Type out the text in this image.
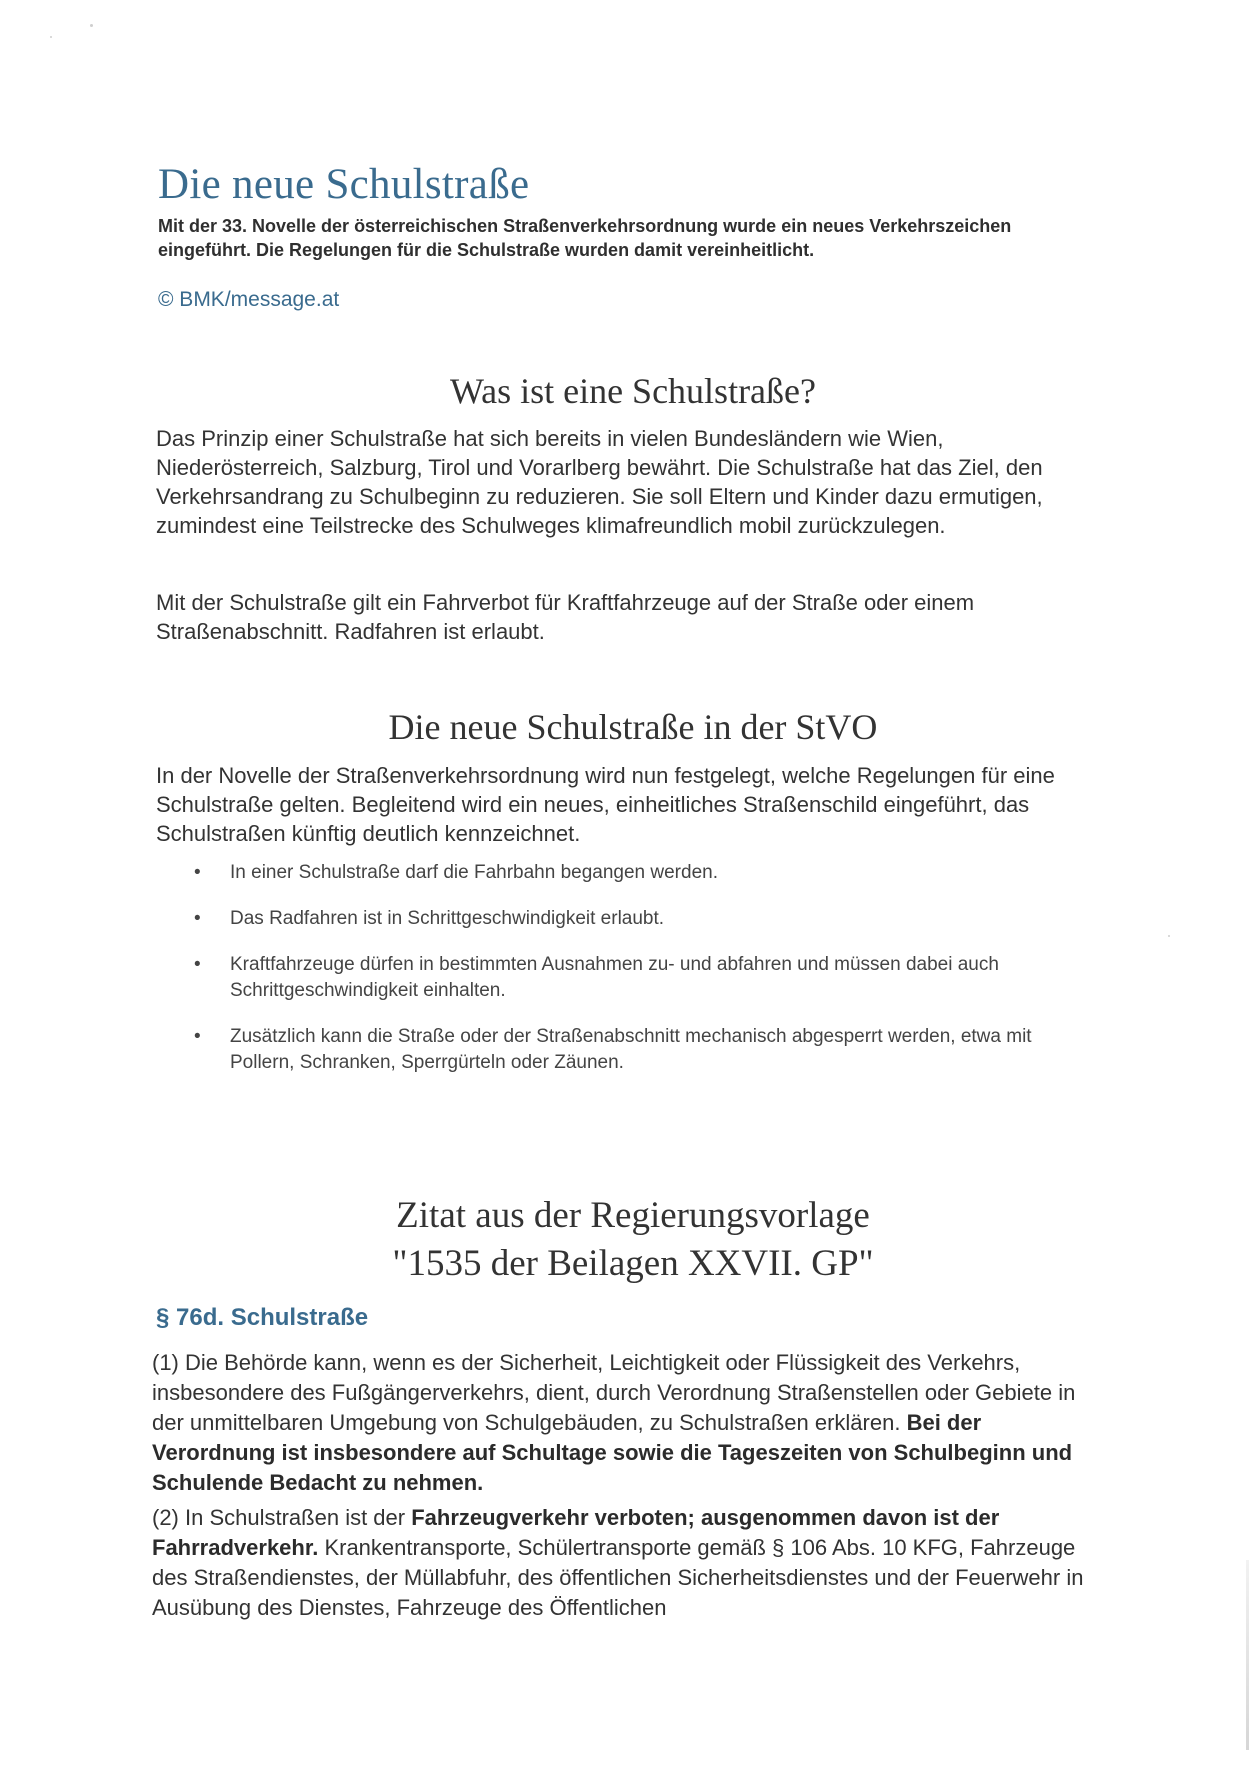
Die neue Schulstraße
Mit der 33. Novelle der österreichischen Straßenverkehrsordnung wurde ein neues Verkehrszeichen eingeführt. Die Regelungen für die Schulstraße wurden damit vereinheitlicht.
© BMK/message.at
Was ist eine Schulstraße?
Das Prinzip einer Schulstraße hat sich bereits in vielen Bundesländern wie Wien, Niederösterreich, Salzburg, Tirol und Vorarlberg bewährt. Die Schulstraße hat das Ziel, den Verkehrsandrang zu Schulbeginn zu reduzieren. Sie soll Eltern und Kinder dazu ermutigen, zumindest eine Teilstrecke des Schulweges klimafreundlich mobil zurückzulegen.
Mit der Schulstraße gilt ein Fahrverbot für Kraftfahrzeuge auf der Straße oder einem Straßenabschnitt. Radfahren ist erlaubt.
Die neue Schulstraße in der StVO
In der Novelle der Straßenverkehrsordnung wird nun festgelegt, welche Regelungen für eine Schulstraße gelten. Begleitend wird ein neues, einheitliches Straßenschild eingeführt, das Schulstraßen künftig deutlich kennzeichnet.
• In einer Schulstraße darf die Fahrbahn begangen werden.
• Das Radfahren ist in Schrittgeschwindigkeit erlaubt.
• Kraftfahrzeuge dürfen in bestimmten Ausnahmen zu- und abfahren und müssen dabei auch Schrittgeschwindigkeit einhalten.
• Zusätzlich kann die Straße oder der Straßenabschnitt mechanisch abgesperrt werden, etwa mit Pollern, Schranken, Sperrgürteln oder Zäunen.
Zitat aus der Regierungsvorlage
"1535 der Beilagen XXVII. GP"
§ 76d. Schulstraße
(1) Die Behörde kann, wenn es der Sicherheit, Leichtigkeit oder Flüssigkeit des Verkehrs, insbesondere des Fußgängerverkehrs, dient, durch Verordnung Straßenstellen oder Gebiete in der unmittelbaren Umgebung von Schulgebäuden, zu Schulstraßen erklären. Bei der Verordnung ist insbesondere auf Schultage sowie die Tageszeiten von Schulbeginn und Schulende Bedacht zu nehmen.
(2) In Schulstraßen ist der Fahrzeugverkehr verboten; ausgenommen davon ist der Fahrradverkehr. Krankentransporte, Schülertransporte gemäß § 106 Abs. 10 KFG, Fahrzeuge des Straßendienstes, der Müllabfuhr, des öffentlichen Sicherheitsdienstes und der Feuerwehr in Ausübung des Dienstes, Fahrzeuge des Öffentlichen
